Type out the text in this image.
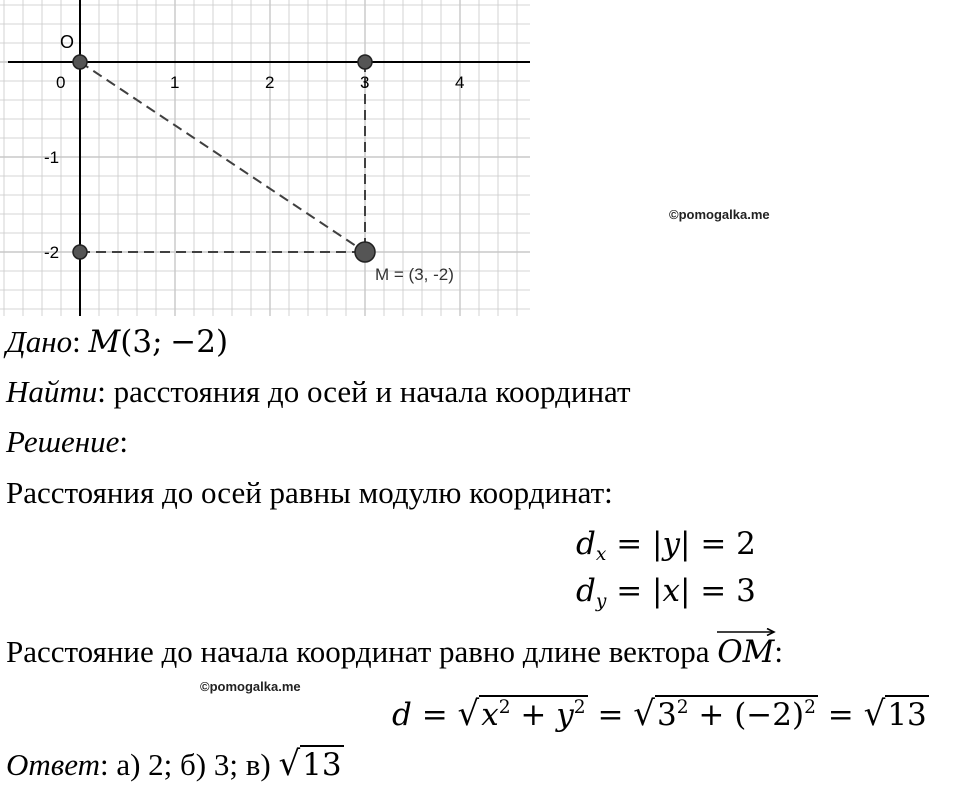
0	1	2	3	4
-1
-2
O
M = (3, -2)
©pomogalka.me
©pomogalka.me
Дано: M(3; −2)
Найти: расстояния до осей и начала координат
Решение:
Расстояния до осей равны модулю координат:
$d_x = |y| = 2$
$d_y = |x| = 3$
Расстояние до начала координат равно длине вектора OM:
$d = √x^2 + y^2 = √3^2 + (-2)^2 = √13$
Ответ: а) 2; б) 3; в) √13
